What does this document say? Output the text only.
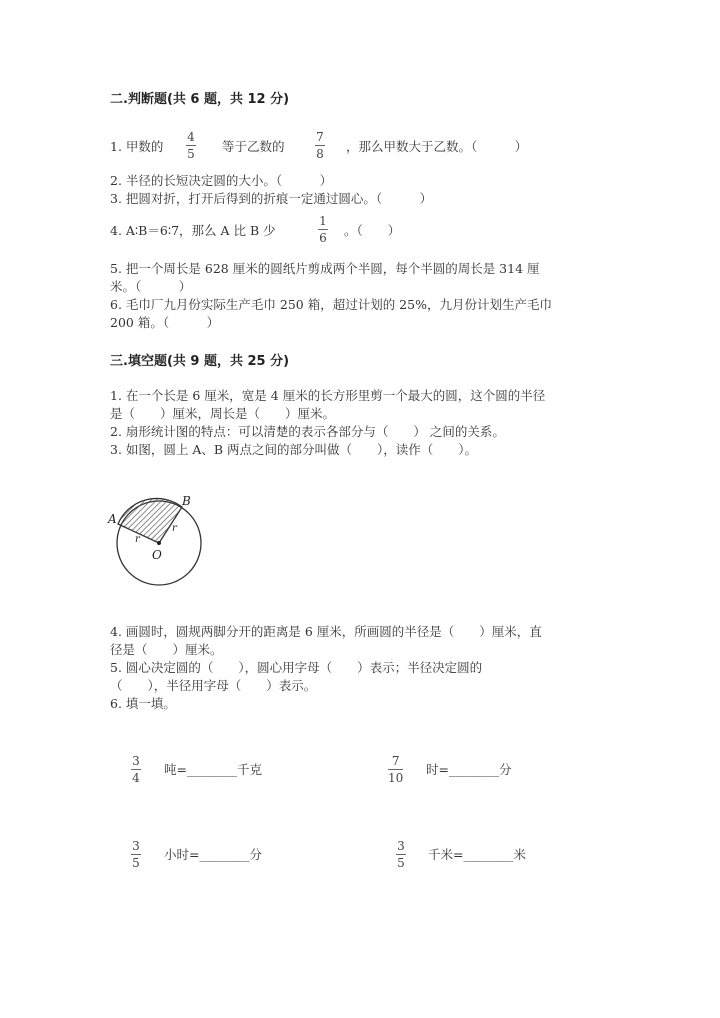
二.判断题(共 6 题，共 12 分)
1. 甲数的
4
5 等于乙数的
7
8 ，那么甲数大于乙数。（　　　）
2. 半径的长短决定圆的大小。（　　　）
3. 把圆对折，打开后得到的折痕一定通过圆心。（　　　）
4. A∶B＝6∶7，那么 A 比 B 少
1
6 。（　　）
5. 把一个周长是 628 厘米的圆纸片剪成两个半圆，每个半圆的周长是 314 厘
米。（　　　）
6. 毛巾厂九月份实际生产毛巾 250 箱，超过计划的 25%，九月份计划生产毛巾
200 箱。（　　　）
三.填空题(共 9 题，共 25 分)
1. 在一个长是 6 厘米，宽是 4 厘米的长方形里剪一个最大的圆，这个圆的半径
是（　　）厘米，周长是（　　）厘米。
2. 扇形统计图的特点：可以清楚的表示各部分与（　　） 之间的关系。
3. 如图，圆上 A、B 两点之间的部分叫做（　　），读作（　　）。
A
B
O
r
r
4. 画圆时，圆规两脚分开的距离是 6 厘米，所画圆的半径是（　　）厘米，直
径是（　　）厘米。
5. 圆心决定圆的（　　），圆心用字母（　　）表示；半径决定圆的
（　　），半径用字母（　　）表示。
6. 填一填。
3
4
吨=________千克
7
10
时=________分
3
5
小时=________分
3
5
千米=________米
